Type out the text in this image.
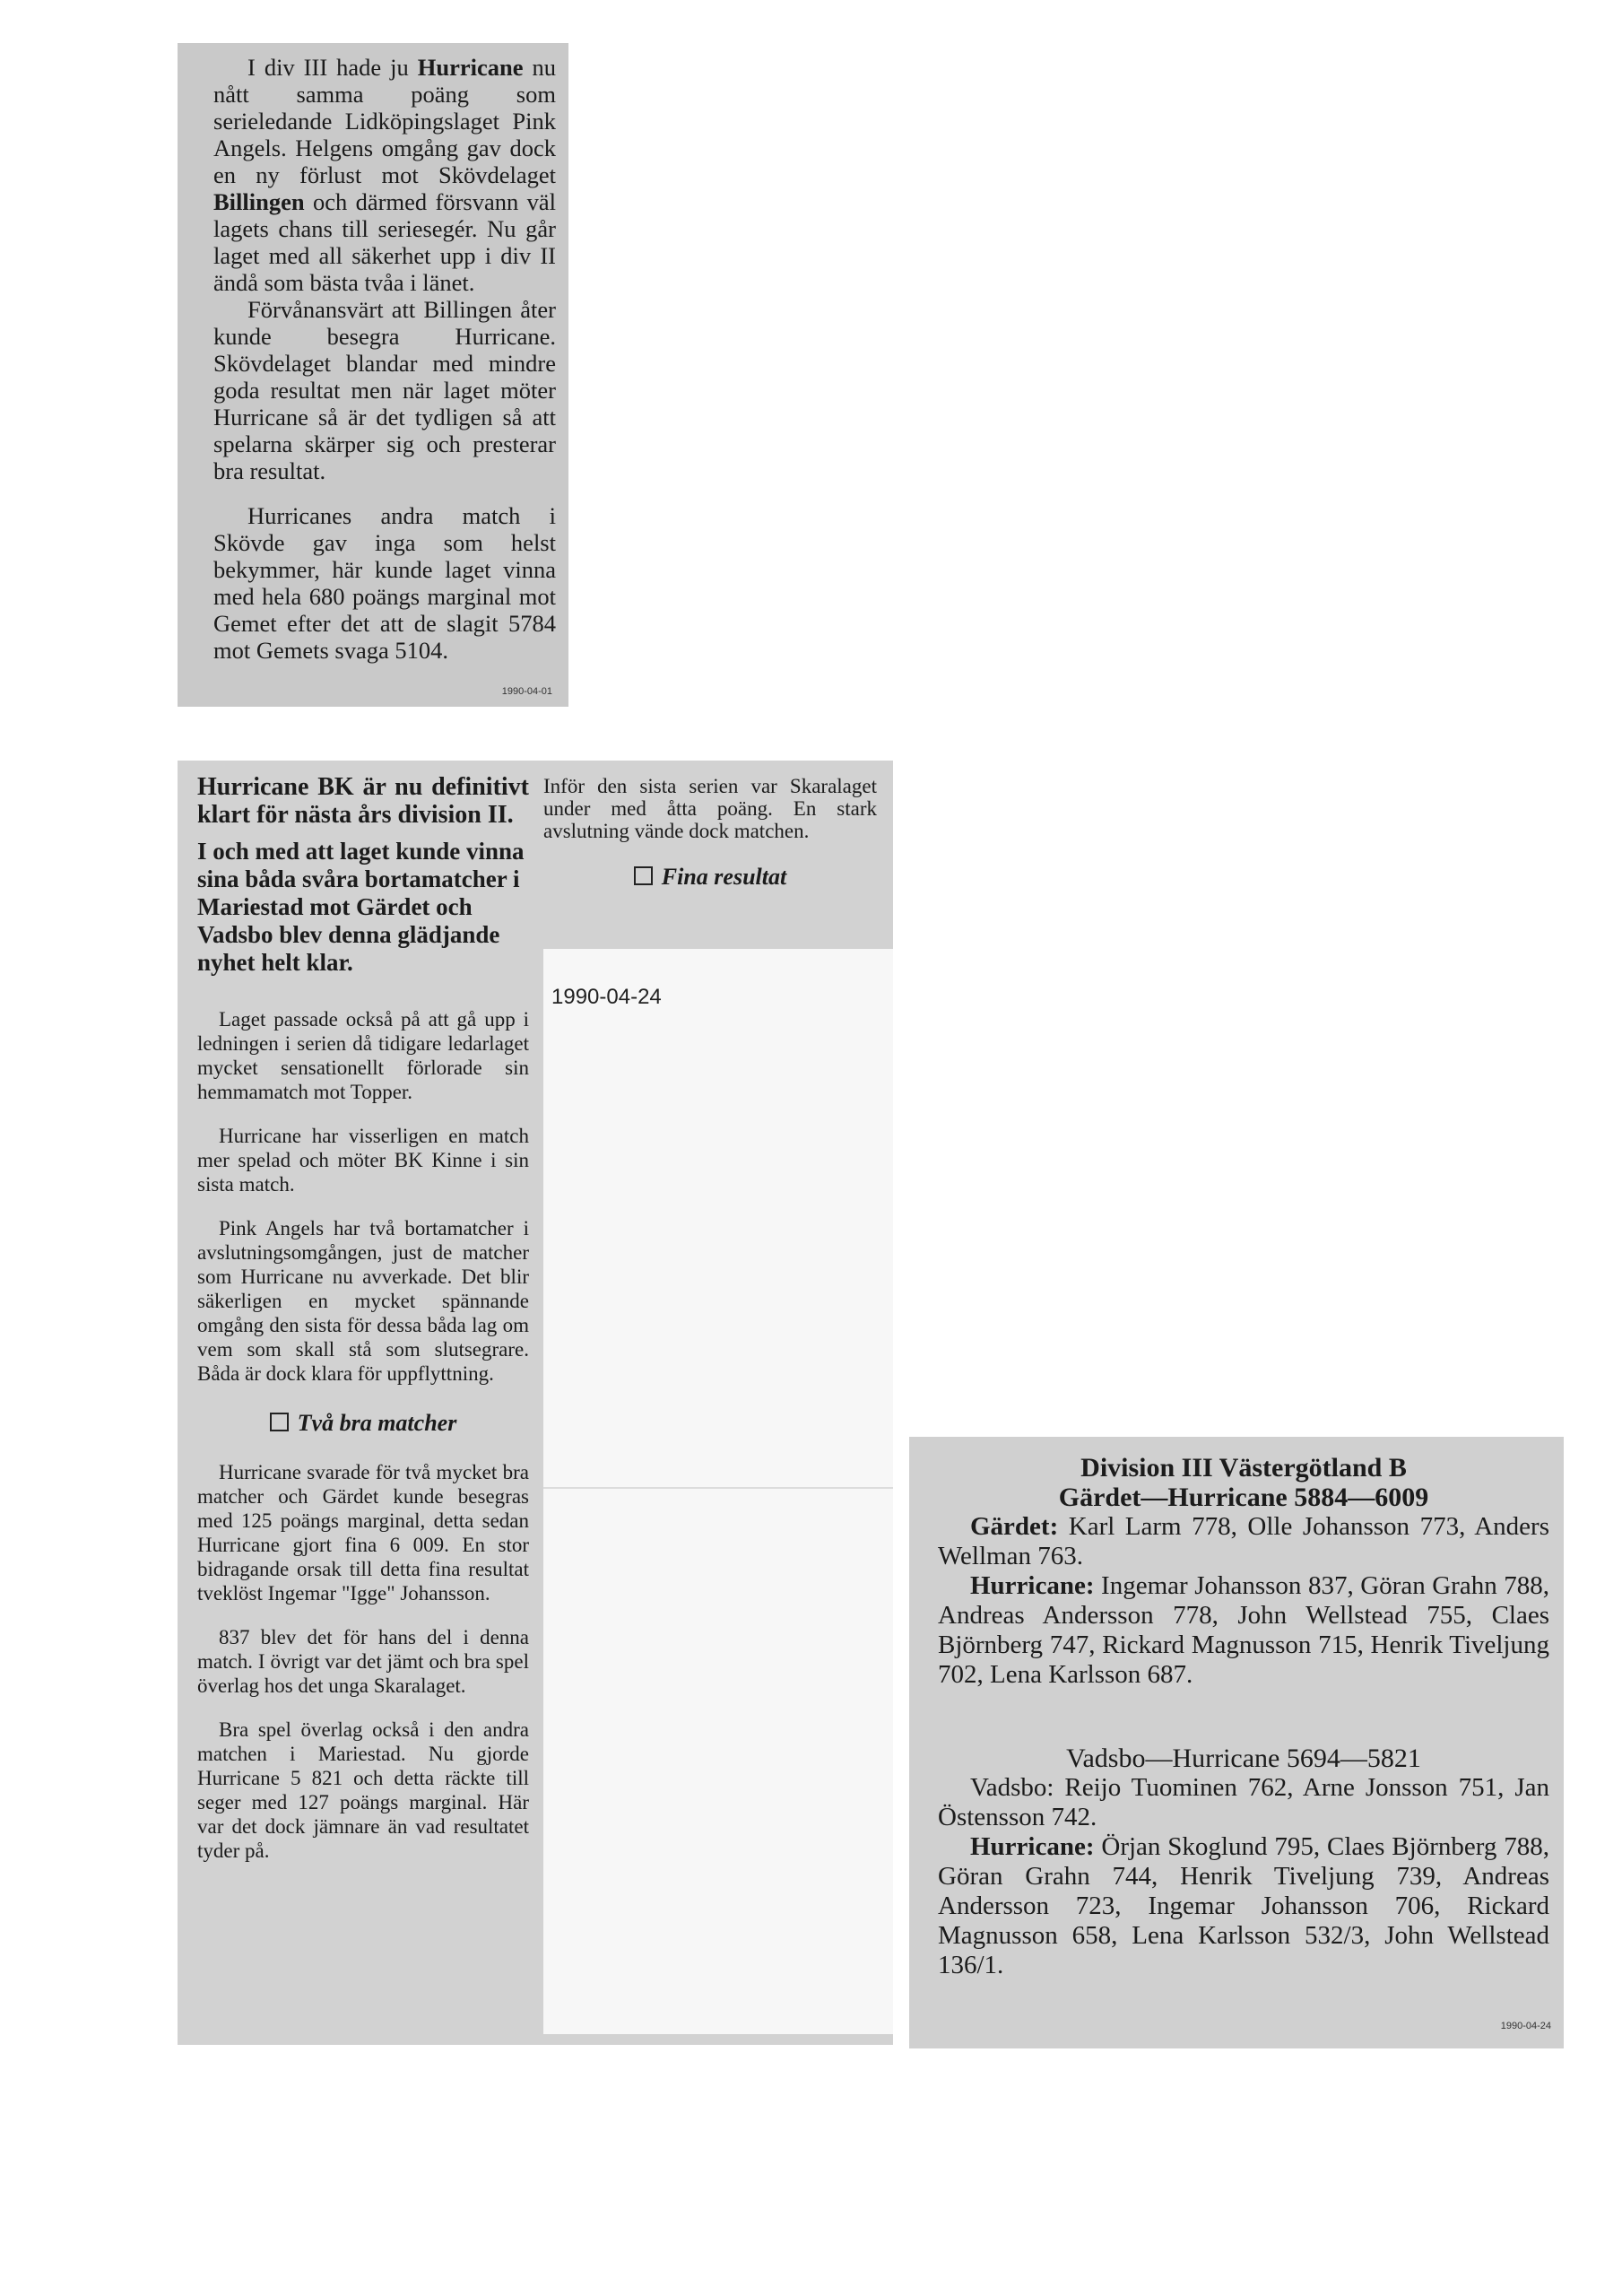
I div III hade ju Hurricane nu nått samma poäng som serieledande Lidköpingslaget Pink Angels. Helgens omgång gav dock en ny förlust mot Skövdelaget Billingen och därmed försvann väl lagets chans till seriesegér. Nu går laget med all säkerhet upp i div II ändå som bästa tvåa i länet.

Förvånansvärt att Billingen åter kunde besegra Hurricane. Skövdelaget blandar med mindre goda resultat men när laget möter Hurricane så är det tydligen så att spelarna skärper sig och presterar bra resultat.

Hurricanes andra match i Skövde gav inga som helst bekymmer, här kunde laget vinna med hela 680 poängs marginal mot Gemet efter det att de slagit 5784 mot Gemets svaga 5104.

1990-04-01
Hurricane BK är nu definitivt klart för nästa års division II.
I och med att laget kunde vinna sina båda svåra bortamatcher i Mariestad mot Gärdet och Vadsbo blev denna glädjande nyhet helt klar.

Laget passade också på att gå upp i ledningen i serien då tidigare ledarlaget mycket sensationellt förlorade sin hemmamatch mot Topper.

Hurricane har visserligen en match mer spelad och möter BK Kinne i sin sista match.

Pink Angels har två bortamatcher i avslutningsomgången, just de matcher som Hurricane nu avverkade. Det blir säkerligen en mycket spännande omgång den sista för dessa båda lag om vem som skall stå som slutsegrare. Båda är dock klara för uppflyttning.

Två bra matcher

Hurricane svarade för två mycket bra matcher och Gärdet kunde besegras med 125 poängs marginal, detta sedan Hurricane gjort fina 6 009. En stor bidragande orsak till detta fina resultat tveklöst Ingemar "Igge" Johansson.

837 blev det för hans del i denna match. I övrigt var det jämt och bra spel överlag hos det unga Skaralaget.

Bra spel överlag också i den andra matchen i Mariestad. Nu gjorde Hurricane 5 821 och detta räckte till seger med 127 poängs marginal. Här var det dock jämnare än vad resultatet tyder på.

Inför den sista serien var Skaralaget under med åtta poäng. En stark avslutning vände dock matchen.

Fina resultat
1990-04-24
Division III Västergötland B
Gärdet—Hurricane 5884—6009

Gärdet: Karl Larm 778, Olle Johansson 773, Anders Wellman 763.

Hurricane: Ingemar Johansson 837, Göran Grahn 788, Andreas Andersson 778, John Wellstead 755, Claes Björnberg 747, Rickard Magnusson 715, Henrik Tiveljung 702, Lena Karlsson 687.

Vadsbo—Hurricane 5694—5821

Vadsbo: Reijo Tuominen 762, Arne Jonsson 751, Jan Östensson 742.

Hurricane: Örjan Skoglund 795, Claes Björnberg 788, Göran Grahn 744, Henrik Tiveljung 739, Andreas Andersson 723, Ingemar Johansson 706, Rickard Magnusson 658, Lena Karlsson 532/3, John Wellstead 136/1.

1990-04-24
